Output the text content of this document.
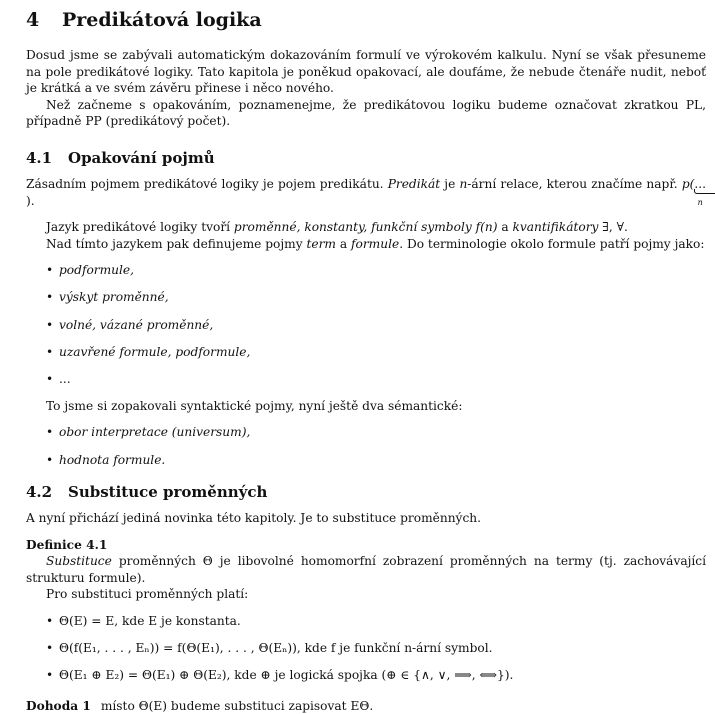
4 Predikátová logika

Dosud jsme se zabývali automatickým dokazováním formulí ve výrokovém kalkulu. Nyní se však přesuneme na pole predikátové logiky. Tato kapitola je poněkud opakovací, ale doufáme, že nebude čtenáře nudit, neboť je krátká a ve svém závěru přinese i něco nového.

Než začneme s opakováním, poznamenejme, že predikátovou logiku budeme označovat zkratkou PL, případně PP (predikátový počet).

4.1 Opakování pojmů

Zásadním pojmem predikátové logiky je pojem predikátu. Predikát je n-ární relace, kterou značíme např. p(...
n
).

Jazyk predikátové logiky tvoří proměnné, konstanty, funkční symboly f(n) a kvantifikátory ∃, ∀.

Nad tímto jazykem pak definujeme pojmy term a formule. Do terminologie okolo formule patří pojmy jako:

• podformule,
• výskyt proměnné,
• volné, vázané proměnné,
• uzavřené formule, podformule,
• ...

To jsme si zopakovali syntaktické pojmy, nyní ještě dva sémantické:

• obor interpretace (universum),
• hodnota formule.
4.2 Substituce proměnných

A nyní přichází jediná novinka této kapitoly. Je to substituce proměnných.

Definice 4.1

Substituce proměnných Θ je libovolné homomorfní zobrazení proměnných na termy (tj. zachovávající strukturu formule).

Pro substituci proměnných platí:

• Θ(E) = E, kde E je konstanta.
• Θ(f(E₁, . . . , Eₙ)) = f(Θ(E₁), . . . , Θ(Eₙ)), kde f je funkční n-ární symbol.
• Θ(E₁ ⊕ E₂) = Θ(E₁) ⊕ Θ(E₂), kde ⊕ je logická spojka (⊕ ∈ {∧, ∨, ⟹, ⟺}).

Dohoda 1 místo Θ(E) budeme substituci zapisovat EΘ.
